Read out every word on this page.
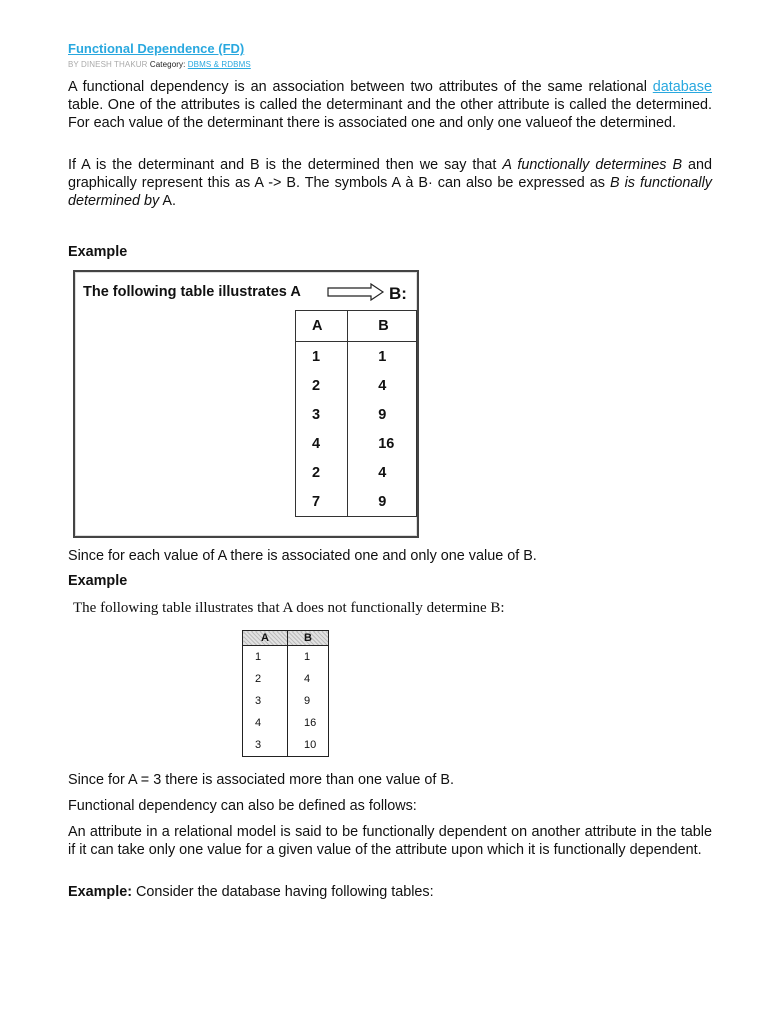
Functional Dependence (FD)
BY DINESH THAKUR Category: DBMS & RDBMS

A functional dependency is an association between two attributes of the same relational database table. One of the attributes is called the determinant and the other attribute is called the determined. For each value of the determinant there is associated one and only one valueof the determined.

If A is the determinant and B is the determined then we say that A functionally determines B and graphically represent this as A -> B. The symbols A à B· can also be expressed as B is functionally determined by A.

Example
The following table illustrates A	B:
A	B
1	1
2	4
3	9
4	16
2	4
7	9

Since for each value of A there is associated one and only one value of B.

Example
The following table illustrates that A does not functionally determine B:
A	B
1	1
2	4
3	9
4	16
3	10

Since for A = 3 there is associated more than one value of B.

Functional dependency can also be defined as follows:

An attribute in a relational model is said to be functionally dependent on another attribute in the table if it can take only one value for a given value of the attribute upon which it is functionally dependent.

Example: Consider the database having following tables:
